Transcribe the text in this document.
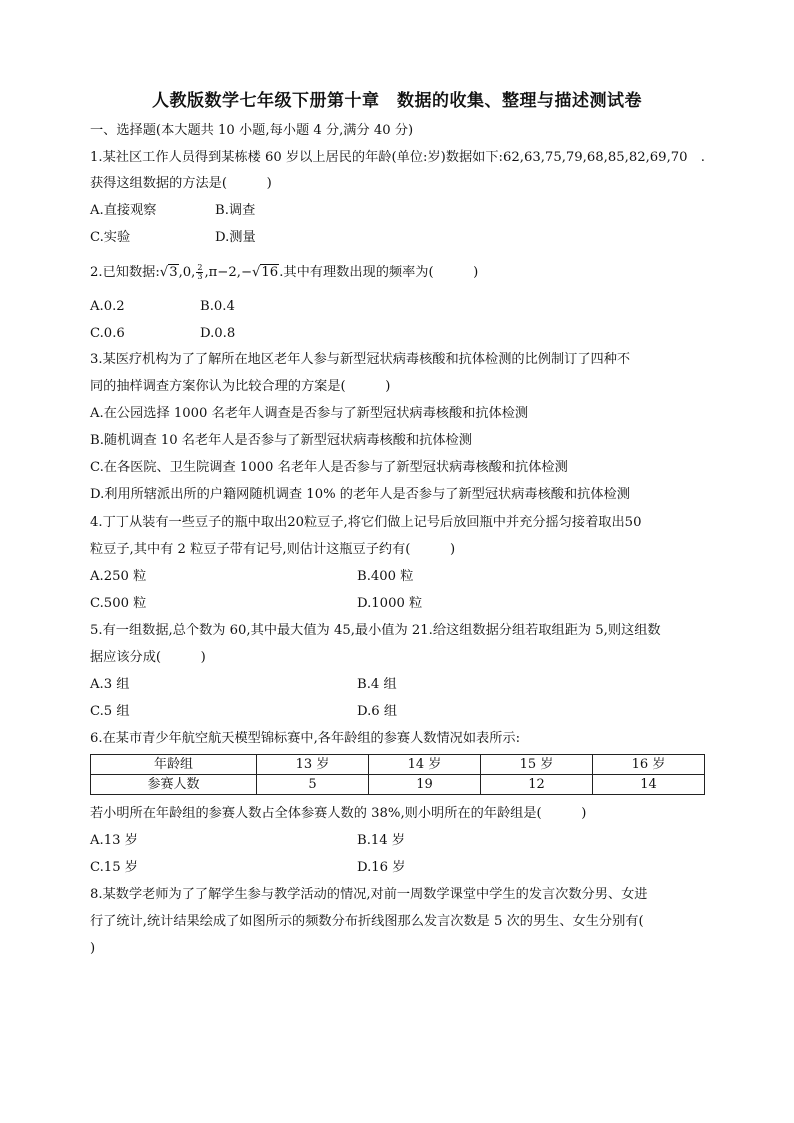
人教版数学七年级下册第十章　数据的收集、整理与描述测试卷
一、选择题(本大题共 10 小题,每小题 4 分,满分 40 分)
1.某社区工作人员得到某栋楼 60 岁以上居民的年龄(单位:岁)数据如下:62,63,75,79,68,85,82,69,70　.
获得这组数据的方法是(　　　)
A.直接观察	B.调查
C.实验	D.测量
2.已知数据:√3,0, $\frac{2}{3} ,\pi-2,-√16$.其中有理数出现的频率为(　　　)
A.0.2	B.0.4
C.0.6	D.0.8
3.某医疗机构为了了解所在地区老年人参与新型冠状病毒核酸和抗体检测的比例制订了四种不
同的抽样调查方案你认为比较合理的方案是(　　　)
A.在公园选择 1000 名老年人调查是否参与了新型冠状病毒核酸和抗体检测
B.随机调查 10 名老年人是否参与了新型冠状病毒核酸和抗体检测
C.在各医院、卫生院调查 1000 名老年人是否参与了新型冠状病毒核酸和抗体检测
D.利用所辖派出所的户籍网随机调查 10% 的老年人是否参与了新型冠状病毒核酸和抗体检测
4.丁丁从装有一些豆子的瓶中取出20粒豆子,将它们做上记号后放回瓶中并充分摇匀接着取出50
粒豆子,其中有 2 粒豆子带有记号,则估计这瓶豆子约有(　　　)
A.250 粒	B.400 粒
C.500 粒	D.1000 粒
5.有一组数据,总个数为 60,其中最大值为 45,最小值为 21.给这组数据分组若取组距为 5,则这组数
据应该分成(　　　)
A.3 组	B.4 组
C.5 组	D.6 组
6.在某市青少年航空航天模型锦标赛中,各年龄组的参赛人数情况如表所示:
年龄组	13 岁	14 岁	15 岁	16 岁
参赛人数	5	19	12	14
若小明所在年龄组的参赛人数占全体参赛人数的 38%,则小明所在的年龄组是(　　　)
A.13 岁	B.14 岁
C.15 岁	D.16 岁
8.某数学老师为了了解学生参与教学活动的情况,对前一周数学课堂中学生的发言次数分男、女进
行了统计,统计结果绘成了如图所示的频数分布折线图那么发言次数是 5 次的男生、女生分别有(
)
